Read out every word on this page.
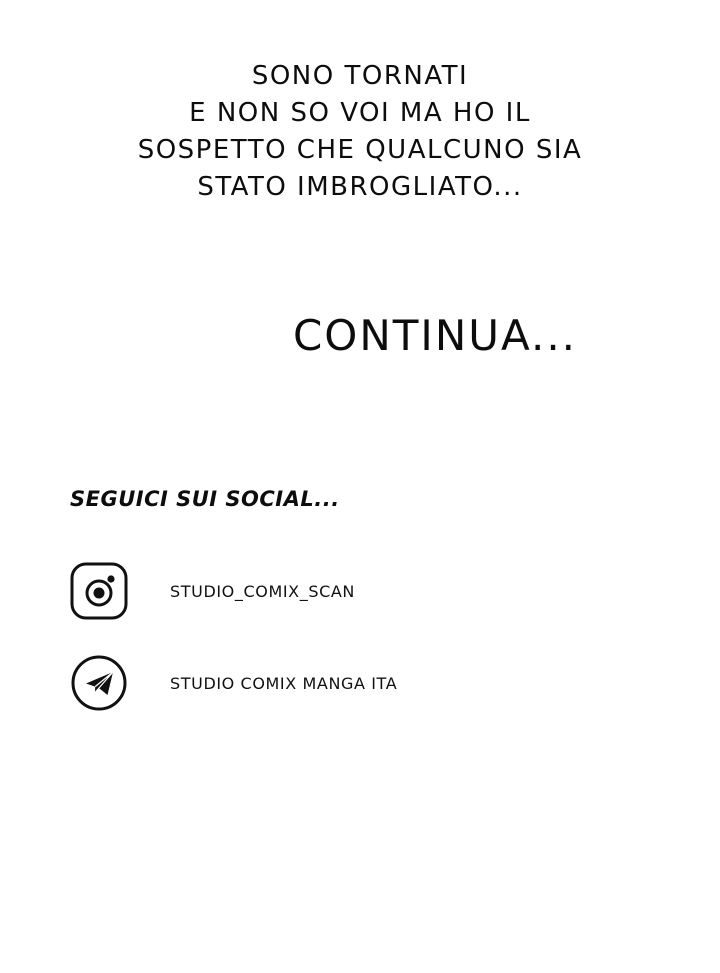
SONO TORNATI
E NON SO VOI MA HO IL
SOSPETTO CHE QUALCUNO SIA
STATO IMBROGLIATO...
CONTINUA...
SEGUICI SUI SOCIAL...
STUDIO_COMIX_SCAN
STUDIO COMIX MANGA ITA
